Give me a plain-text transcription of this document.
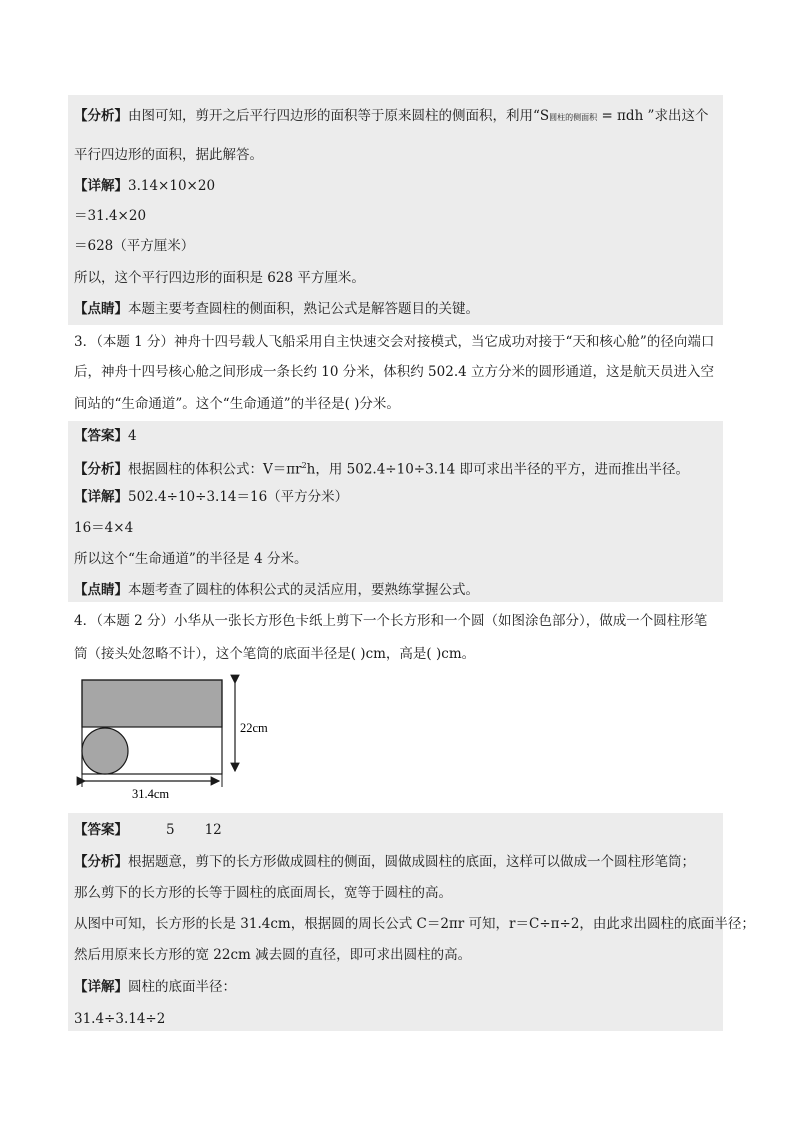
【分析】由图可知，剪开之后平行四边形的面积等于原来圆柱的侧面积，利用“S圆柱的侧面积 = πdh ”求出这个
平行四边形的面积，据此解答。
【详解】3.14×10×20
＝31.4×20
＝628（平方厘米）
所以，这个平行四边形的面积是 628 平方厘米。
【点睛】本题主要考查圆柱的侧面积，熟记公式是解答题目的关键。
3．（本题 1 分）神舟十四号载人飞船采用自主快速交会对接模式，当它成功对接于“天和核心舱”的径向端口
后，神舟十四号核心舱之间形成一条长约 10 分米，体积约 502.4 立方分米的圆形通道，这是航天员进入空
间站的“生命通道”。这个“生命通道”的半径是( )分米。
【答案】4
【分析】根据圆柱的体积公式：$V=\pi r^2h$，用 502.4÷10÷3.14 即可求出半径的平方，进而推出半径。
【详解】502.4÷10÷3.14＝16（平方分米）
16＝4×4
所以这个“生命通道”的半径是 4 分米。
【点睛】本题考查了圆柱的体积公式的灵活应用，要熟练掌握公式。
4．（本题 2 分）小华从一张长方形色卡纸上剪下一个长方形和一个圆（如图涂色部分），做成一个圆柱形笔
筒（接头处忽略不计），这个笔筒的底面半径是( )cm，高是( )cm。
22cm
31.4cm
【答案】	5 12
【分析】根据题意，剪下的长方形做成圆柱的侧面，圆做成圆柱的底面，这样可以做成一个圆柱形笔筒；
那么剪下的长方形的长等于圆柱的底面周长，宽等于圆柱的高。
从图中可知，长方形的长是 31.4cm，根据圆的周长公式 C＝2πr 可知，r＝C÷π÷2，由此求出圆柱的底面半径；
然后用原来长方形的宽 22cm 减去圆的直径，即可求出圆柱的高。
【详解】圆柱的底面半径：
31.4÷3.14÷2
